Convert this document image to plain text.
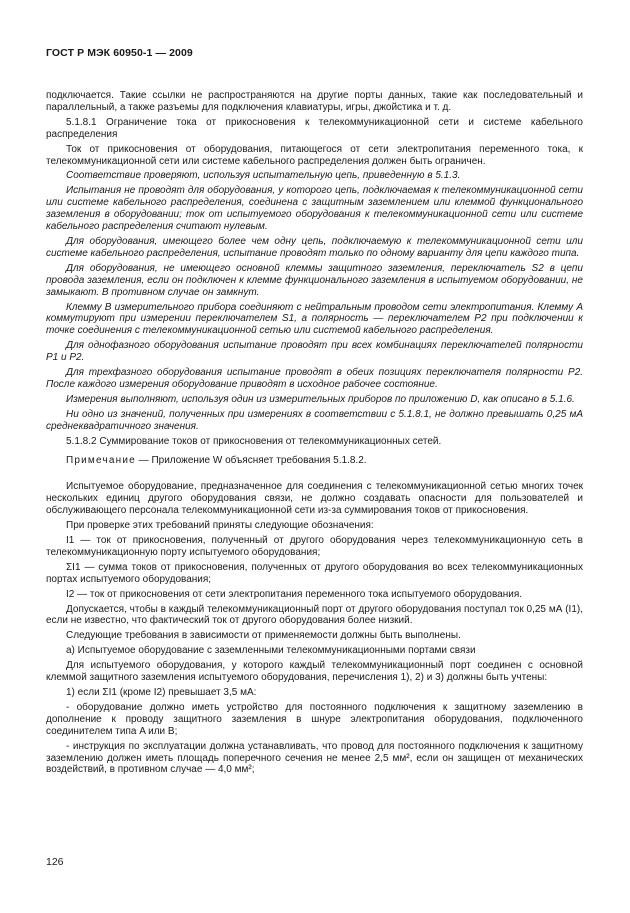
ГОСТ Р МЭК 60950-1 — 2009

подключается. Такие ссылки не распространяются на другие порты данных, такие как последовательный и параллельный, а также разъемы для подключения клавиатуры, игры, джойстика и т. д.

5.1.8.1 Ограничение тока от прикосновения к телекоммуникационной сети и системе кабельного распределения

Ток от прикосновения от оборудования, питающегося от сети электропитания переменного тока, к телекоммуникационной сети или системе кабельного распределения должен быть ограничен.

Соответствие проверяют, используя испытательную цепь, приведенную в 5.1.3.

Испытания не проводят для оборудования, у которого цепь, подключаемая к телекоммуникационной сети или системе кабельного распределения, соединена с защитным заземлением или клеммой функционального заземления в оборудовании; ток от испытуемого оборудования к телекоммуникационной сети или системе кабельного распределения считают нулевым.

Для оборудования, имеющего более чем одну цепь, подключаемую к телекоммуникационной сети или системе кабельного распределения, испытание проводят только по одному варианту для цепи каждого типа.

Для оборудования, не имеющего основной клеммы защитного заземления, переключатель S2 в цепи провода заземления, если он подключен к клемме функционального заземления в испытуемом оборудовании, не замыкают. В противном случае он замкнут.

Клемму B измерительного прибора соединяют с нейтральным проводом сети электропитания. Клемму A коммутируют при измерении переключателем S1, а полярность — переключателем P2 при подключении к точке соединения с телекоммуникационной сетью или системой кабельного распределения.

Для однофазного оборудования испытание проводят при всех комбинациях переключателей полярности P1 и P2.

Для трехфазного оборудования испытание проводят в обеих позициях переключателя полярности P2. После каждого измерения оборудование приводят в исходное рабочее состояние.

Измерения выполняют, используя один из измерительных приборов по приложению D, как описано в 5.1.6.

Ни одно из значений, полученных при измерениях в соответствии с 5.1.8.1, не должно превышать 0,25 мА среднеквадратичного значения.

5.1.8.2 Суммирование токов от прикосновения от телекоммуникационных сетей.

Примечание — Приложение W объясняет требования 5.1.8.2.

Испытуемое оборудование, предназначенное для соединения с телекоммуникационной сетью многих точек нескольких единиц другого оборудования связи, не должно создавать опасности для пользователей и обслуживающего персонала телекоммуникационной сети из-за суммирования токов от прикосновения.

При проверке этих требований приняты следующие обозначения:

I1 — ток от прикосновения, полученный от другого оборудования через телекоммуникационную сеть в телекоммуникационную порту испытуемого оборудования;

ΣI1 — сумма токов от прикосновения, полученных от другого оборудования во всех телекоммуникационных портах испытуемого оборудования;

I2 — ток от прикосновения от сети электропитания переменного тока испытуемого оборудования.

Допускается, чтобы в каждый телекоммуникационный порт от другого оборудования поступал ток 0,25 мА (I1), если не известно, что фактический ток от другого оборудования более низкий.

Следующие требования в зависимости от применяемости должны быть выполнены.

а) Испытуемое оборудование с заземленными телекоммуникационными портами связи

Для испытуемого оборудования, у которого каждый телекоммуникационный порт соединен с основной клеммой защитного заземления испытуемого оборудования, перечисления 1), 2) и 3) должны быть учтены:

1) если ΣI1 (кроме I2) превышает 3,5 мА:

- оборудование должно иметь устройство для постоянного подключения к защитному заземлению в дополнение к проводу защитного заземления в шнуре электропитания оборудования, подключенного соединителем типа A или B;

- инструкция по эксплуатации должна устанавливать, что провод для постоянного подключения к защитному заземлению должен иметь площадь поперечного сечения не менее 2,5 мм², если он защищен от механических воздействий, в противном случае — 4,0 мм²;

126
